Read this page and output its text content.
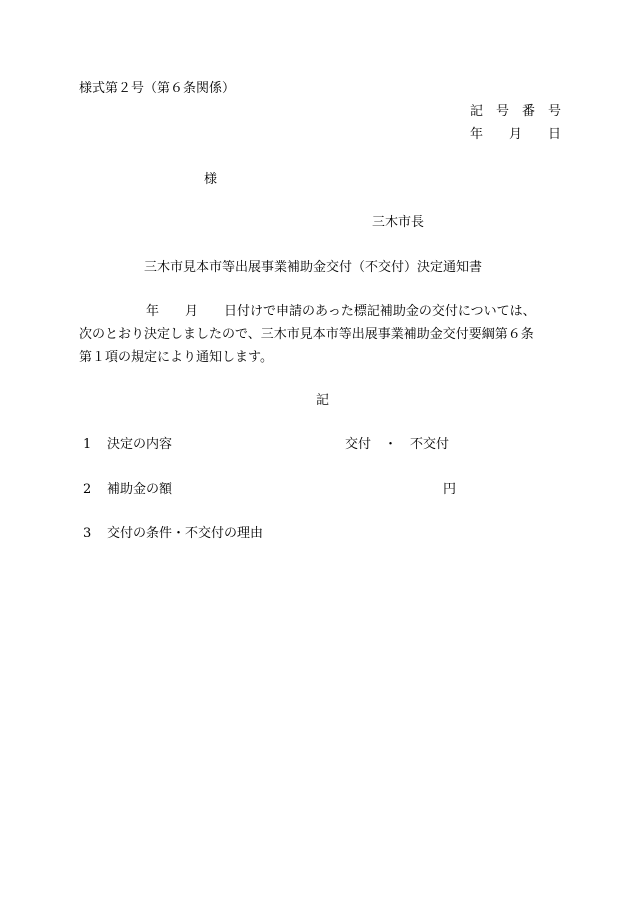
様式第２号（第６条関係）

記　号　番　号

年　　月　　日

様

三木市長

三木市見本市等出展事業補助金交付（不交付）決定通知書

　　　　　年　　月　　日付けで申請のあった標記補助金の交付については、

次のとおり決定しましたので、三木市見本市等出展事業補助金交付要綱第６条

第１項の規定により通知します。

記

1 決定の内容	交付　・　不交付

2 補助金の額	円

3 交付の条件・不交付の理由
